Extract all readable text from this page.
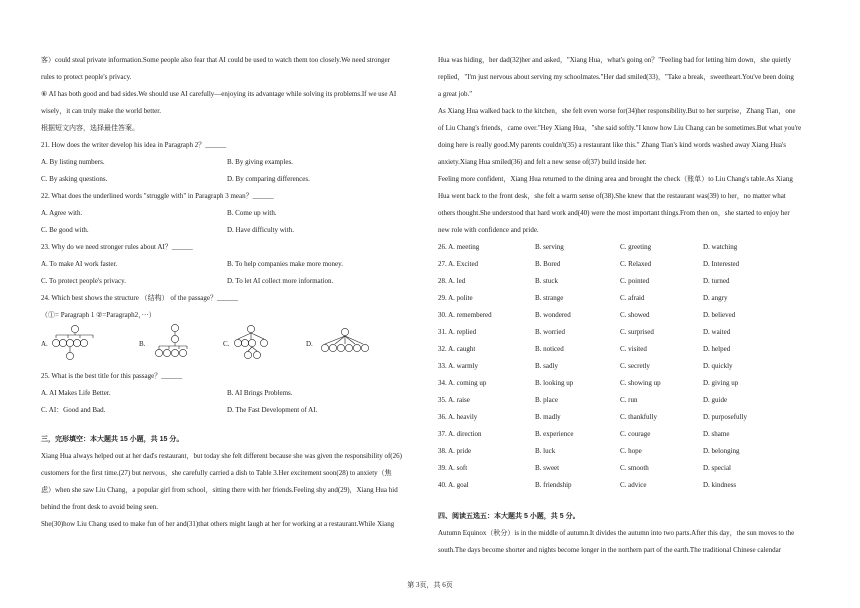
客）could steal private information.Some people also fear that AI could be used to watch them too closely.We need stronger
rules to protect people's privacy.
⑥ AI has both good and bad sides.We should use AI carefully—enjoying its advantage while solving its problems.If we use AI
wisely，it can truly make the world better.
根据短文内容，选择最佳答案。
21. How does the writer develop his idea in Paragraph 2？______
A. By listing numbers.	B. By giving examples.
C. By asking questions.	D. By comparing differences.
22. What does the underlined words "struggle with" in Paragraph 3 mean？______
A. Agree with.	B. Come up with.
C. Be good with.	D. Have difficulty with.
23. Why do we need stronger rules about AI？______
A. To make AI work faster.	B. To help companies make more money.
C. To protect people's privacy.	D. To let AI collect more information.
24. Which best shows the structure （结构） of the passage？______
（①= Paragraph 1 ②=Paragraph2，···）
A.	B.	C.	D.
25. What is the best title for this passage？______
A. AI Makes Life Better.	B. AI Brings Problems.
C. AI：Good and Bad.	D. The Fast Development of AI.
三，完形填空：本大题共 15 小题，共 15 分。
Xiang Hua always helped out at her dad's restaurant，but today she felt different because she was given the responsibility of(26)
customers for the first time.(27) but nervous，she carefully carried a dish to Table 3.Her excitement soon(28) to anxiety（焦
虑）when she saw Liu Chang，a popular girl from school，sitting there with her friends.Feeling shy and(29)，Xiang Hua hid
behind the front desk to avoid being seen.
She(30)how Liu Chang used to make fun of her and(31)that others might laugh at her for working at a restaurant.While Xiang
Hua was hiding，her dad(32)her and asked，"Xiang Hua，what's going on？"Feeling bad for letting him down，she quietly
replied，"I'm just nervous about serving my schoolmates."Her dad smiled(33)，"Take a break，sweetheart.You've been doing
a great job."
As Xiang Hua walked back to the kitchen，she felt even worse for(34)her responsibility.But to her surprise，Zhang Tian，one
of Liu Chang's friends，came over."Hey Xiang Hua，"she said softly."I know how Liu Chang can be sometimes.But what you're
doing here is really good.My parents couldn't(35) a restaurant like this." Zhang Tian's kind words washed away Xiang Hua's
anxiety.Xiang Hua smiled(36) and felt a new sense of(37) build inside her.
Feeling more confident，Xiang Hua returned to the dining area and brought the check（账单）to Liu Chang's table.As Xiang
Hua went back to the front desk，she felt a warm sense of(38).She knew that the restaurant was(39) to her，no matter what
others thought.She understood that hard work and(40) were the most important things.From then on，she started to enjoy her
new role with confidence and pride.
26. A. meeting	B. serving	C. greeting	D. watching
27. A. Excited	B. Bored	C. Relaxed	D. Interested
28. A. led	B. stuck	C. pointed	D. turned
29. A. polite	B. strange	C. afraid	D. angry
30. A. remembered	B. wondered	C. showed	D. believed
31. A. replied	B. worried	C. surprised	D. waited
32. A. caught	B. noticed	C. visited	D. helped
33. A. warmly	B. sadly	C. secretly	D. quickly
34. A. coming up	B. looking up	C. showing up	D. giving up
35. A. raise	B. place	C. run	D. guide
36. A. heavily	B. madly	C. thankfully	D. purposefully
37. A. direction	B. experience	C. courage	D. shame
38. A. pride	B. luck	C. hope	D. belonging
39. A. soft	B. sweet	C. smooth	D. special
40. A. goal	B. friendship	C. advice	D. kindness
四、阅读五选五：本大题共 5 小题，共 5 分。
Autumn Equinox（秋分）is in the middle of autumn.It divides the autumn into two parts.After this day，the sun moves to the
south.The days become shorter and nights become longer in the northern part of the earth.The traditional Chinese calendar
第 3页，共 6页
